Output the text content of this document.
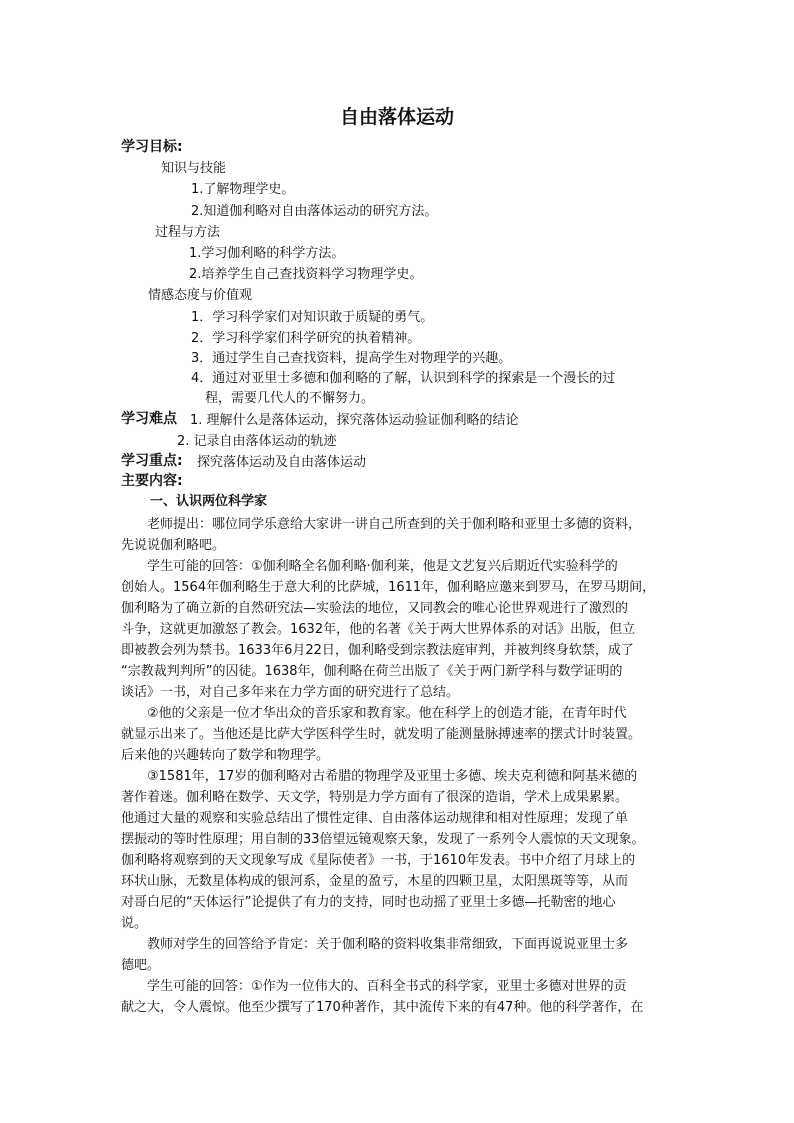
自由落体运动
学习目标:
知识与技能
1.了解物理学史。
2.知道伽利略对自由落体运动的研究方法。
过程与方法
1.学习伽利略的科学方法。
2.培养学生自己查找资料学习物理学史。
情感态度与价值观
1．学习科学家们对知识敢于质疑的勇气。
2．学习科学家们科学研究的执着精神。
3．通过学生自己查找资料，提高学生对物理学的兴趣。
4．通过对亚里士多德和伽利略的了解，认识到科学的探索是一个漫长的过
程，需要几代人的不懈努力。
学习难点 1. 理解什么是落体运动，探究落体运动验证伽利略的结论
2. 记录自由落体运动的轨迹
学习重点: 探究落体运动及自由落体运动
主要内容:
一、认识两位科学家
　　老师提出：哪位同学乐意给大家讲一讲自己所查到的关于伽利略和亚里士多德的资料，
先说说伽利略吧。
　　学生可能的回答：①伽利略全名伽利略·伽利莱，他是文艺复兴后期近代实验科学的
创始人。1564年伽利略生于意大利的比萨城，1611年，伽利略应邀来到罗马，在罗马期间，
伽利略为了确立新的自然研究法—实验法的地位，又同教会的唯心论世界观进行了激烈的
斗争，这就更加激怒了教会。1632年，他的名著《关于两大世界体系的对话》出版，但立
即被教会列为禁书。1633年6月22日，伽利略受到宗教法庭审判，并被判终身软禁，成了
“宗教裁判判所”的囚徒。1638年，伽利略在荷兰出版了《关于两门新学科与数学证明的
谈话》一书，对自己多年来在力学方面的研究进行了总结。
　　②他的父亲是一位才华出众的音乐家和教育家。他在科学上的创造才能，在青年时代
就显示出来了。当他还是比萨大学医科学生时，就发明了能测量脉搏速率的摆式计时装置。
后来他的兴趣转向了数学和物理学。
　　③1581年，17岁的伽利略对古希腊的物理学及亚里士多德、埃夫克利德和阿基米德的
著作着迷。伽利略在数学、天文学，特别是力学方面有了很深的造诣，学术上成果累累。
他通过大量的观察和实验总结出了惯性定律、自由落体运动规律和相对性原理；发现了单
摆振动的等时性原理；用自制的33倍望远镜观察天象，发现了一系列令人震惊的天文现象。
伽利略将观察到的天文现象写成《星际使者》一书，于1610年发表。书中介绍了月球上的
环状山脉，无数星体构成的银河系，金星的盈亏，木星的四颗卫星，太阳黑斑等等，从而
对哥白尼的“天体运行”论提供了有力的支持，同时也动摇了亚里士多德—托勒密的地心
说。
　　教师对学生的回答给予肯定：关于伽利略的资料收集非常细致，下面再说说亚里士多
德吧。
　　学生可能的回答：①作为一位伟大的、百科全书式的科学家，亚里士多德对世界的贡
献之大，令人震惊。他至少撰写了170种著作，其中流传下来的有47种。他的科学著作，在
